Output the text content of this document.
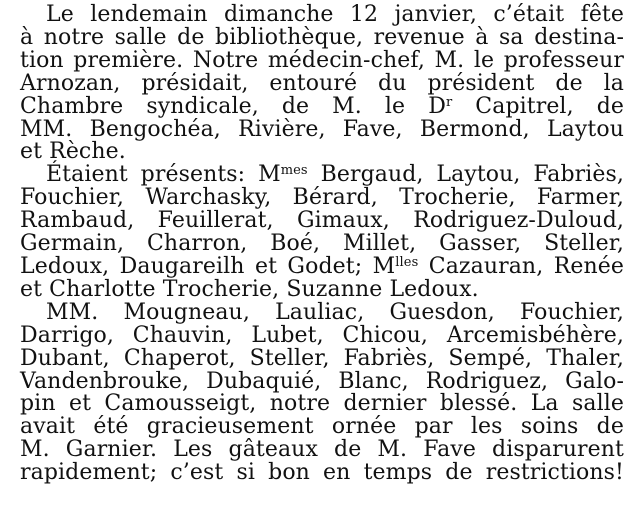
Le lendemain dimanche 12 janvier, c’était fête
à notre salle de bibliothèque, revenue à sa destina-
tion première. Notre médecin-chef, M. le professeur
Arnozan, présidait, entouré du président de la
Chambre syndicale, de M. le $D^r$ Capitrel, de
MM. Bengochéa, Rivière, Fave, Bermond, Laytou
et Rèche.
Étaient présents: $M^{mes}$ Bergaud, Laytou, Fabriès,
Fouchier, Warchasky, Bérard, Trocherie, Farmer,
Rambaud, Feuillerat, Gimaux, Rodriguez-Duloud,
Germain, Charron, Boé, Millet, Gasser, Steller,
Ledoux, Daugareilh et Godet; $M^{lles}$ Cazauran, Renée
et Charlotte Trocherie, Suzanne Ledoux.
MM. Mougneau, Lauliac, Guesdon, Fouchier,
Darrigo, Chauvin, Lubet, Chicou, Arcemisbéhère,
Dubant, Chaperot, Steller, Fabriès, Sempé, Thaler,
Vandenbrouke, Dubaquié, Blanc, Rodriguez, Galo-
pin et Camousseigt, notre dernier blessé. La salle
avait été gracieusement ornée par les soins de
M. Garnier. Les gâteaux de M. Fave disparurent
rapidement; c’est si bon en temps de restrictions!
